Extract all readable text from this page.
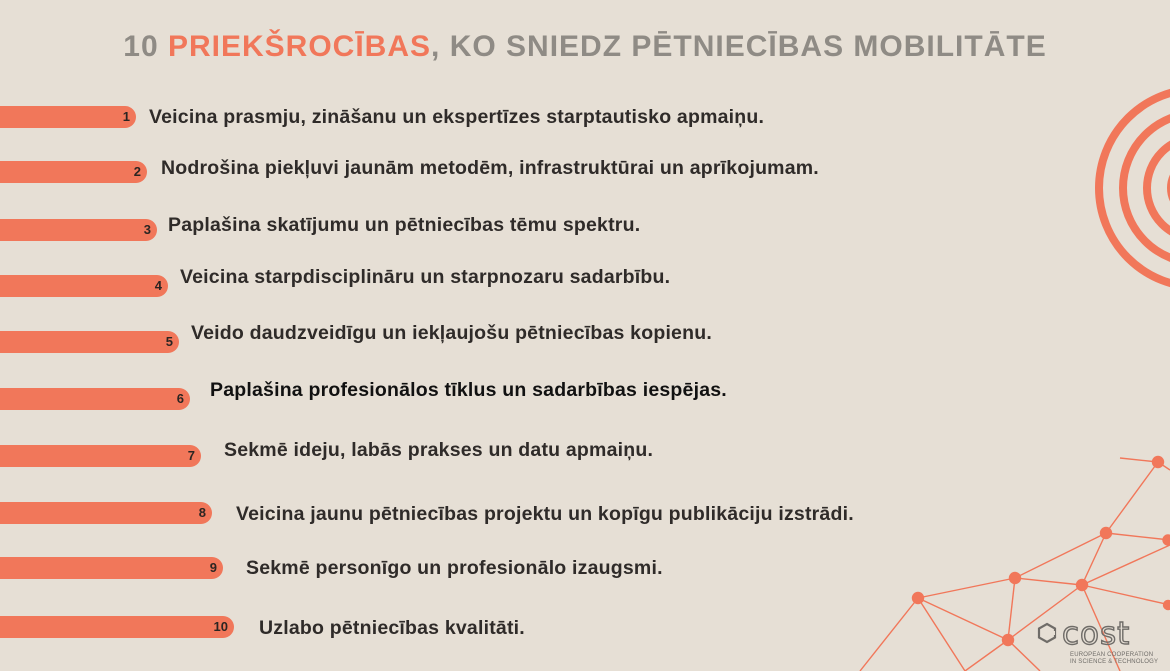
10 PRIEKŠROCĪBAS, KO SNIEDZ PĒTNIECĪBAS MOBILITĀTE
1 Veicina prasmju, zināšanu un ekspertīzes starptautisko apmaiņu.
2 Nodrošina piekļuvi jaunām metodēm, infrastruktūrai un aprīkojumam.
3 Paplašina skatījumu un pētniecības tēmu spektru.
4 Veicina starpdisciplināru un starpnozaru sadarbību.
5 Veido daudzveidīgu un iekļaujošu pētniecības kopienu.
6 Paplašina profesionālos tīklus un sadarbības iespējas.
7 Sekmē ideju, labās prakses un datu apmaiņu.
8 Veicina jaunu pētniecības projektu un kopīgu publikāciju izstrādi.
9 Sekmē personīgo un profesionālo izaugsmi.
10 Uzlabo pētniecības kvalitāti.	cost
EUROPEAN COOPERATION
IN SCIENCE & TECHNOLOGY
